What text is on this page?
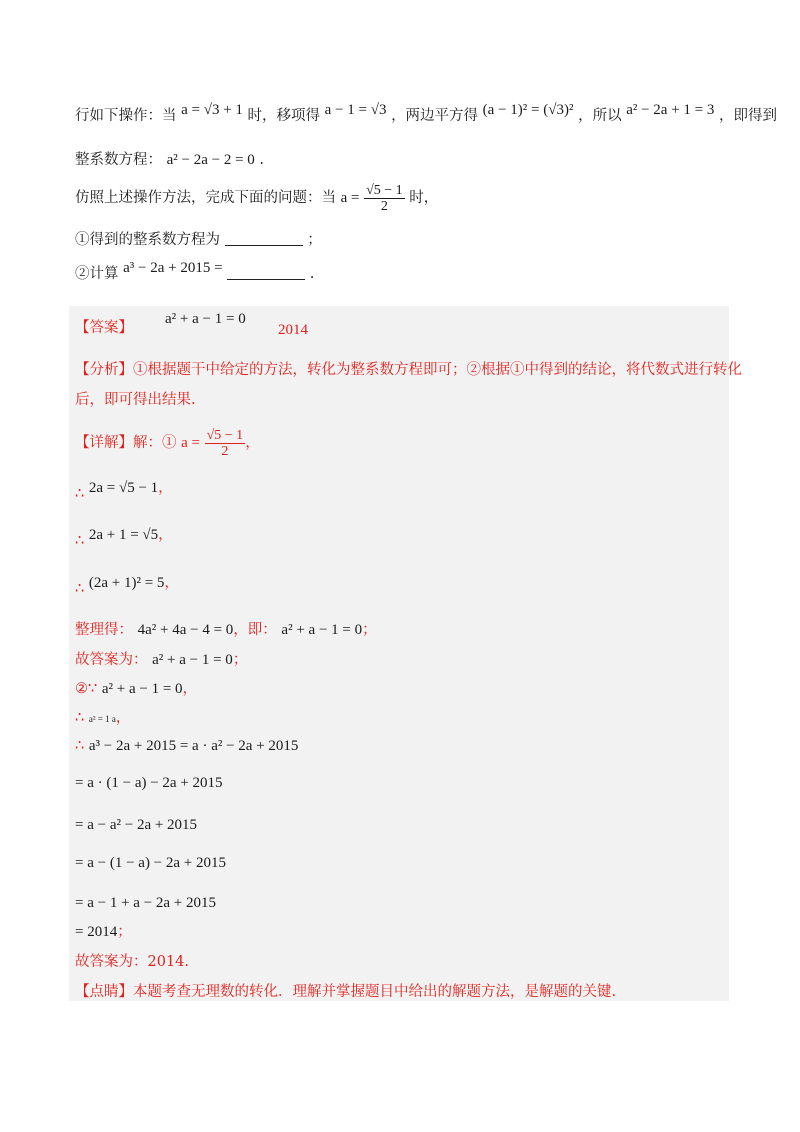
行如下操作：当 a = √3 + 1 时，移项得 a − 1 = √3 ，两边平方得 (a − 1)² = (√3)² ，所以 a² − 2a + 1 = 3 ，即得到
整系数方程： a² − 2a − 2 = 0 .
仿照上述操作方法，完成下面的问题：当 $a = \frac{√5 - 1}{2}$ 时，
①得到的整系数方程为	；
②计算 a³ − 2a + 2015 =	.
【答案】
a² + a − 1 = 0
2014
【分析】①根据题干中给定的方法，转化为整系数方程即可；②根据①中得到的结论，将代数式进行转化
后，即可得出结果.
【详解】解：① $a = \frac{√5 - 1}{2}$ ，
∴ 2a = √5 − 1，
∴ 2a + 1 = √5，
∴ (2a + 1)² = 5，
整理得： 4a² + 4a − 4 = 0，即： a² + a − 1 = 0；
故答案为： a² + a − 1 = 0；
②∵ a² + a − 1 = 0，
∴ a² = 1 a，
∴ a³ − 2a + 2015 = a · a² − 2a + 2015
= a · (1 − a) − 2a + 2015
= a − a² − 2a + 2015
= a − (1 − a) − 2a + 2015
= a − 1 + a − 2a + 2015
= 2014；
故答案为：2014.
【点睛】本题考查无理数的转化．理解并掌握题目中给出的解题方法，是解题的关键.
